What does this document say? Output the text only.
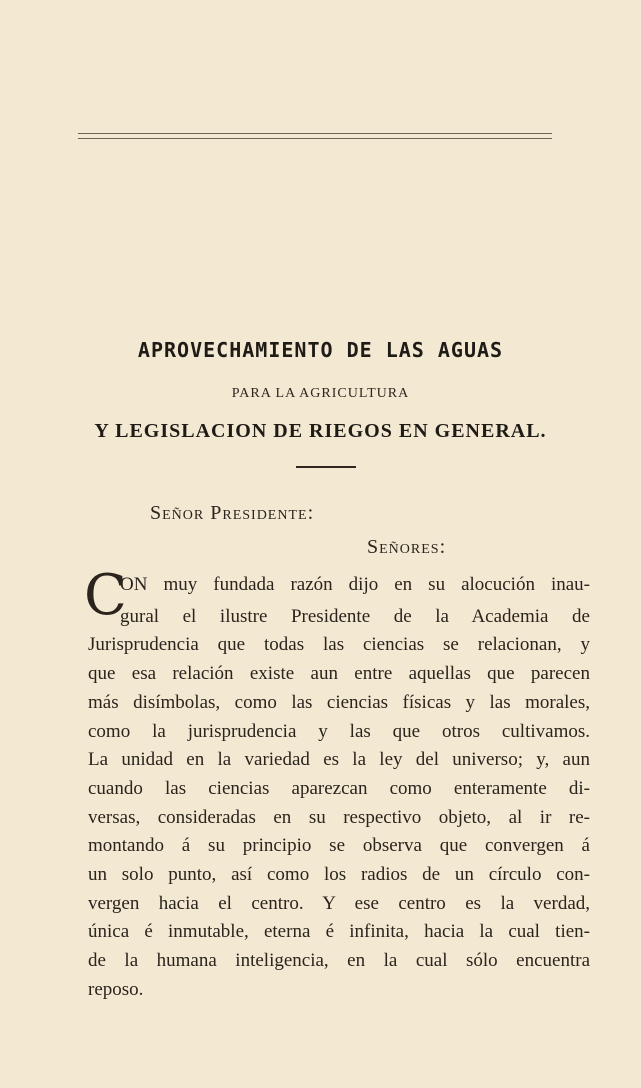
APROVECHAMIENTO DE LAS AGUAS
PARA LA AGRICULTURA
Y LEGISLACION DE RIEGOS EN GENERAL.
Señor Presidente:
Señores:
C
ON muy fundada razón dijo en su alocución inau-
gural el ilustre Presidente de la Academia de
Jurisprudencia que todas las ciencias se relacionan, y
que esa relación existe aun entre aquellas que parecen
más disímbolas, como las ciencias físicas y las morales,
como la jurisprudencia y las que otros cultivamos.
La unidad en la variedad es la ley del universo; y, aun
cuando las ciencias aparezcan como enteramente di-
versas, consideradas en su respectivo objeto, al ir re-
montando á su principio se observa que convergen á
un solo punto, así como los radios de un círculo con-
vergen hacia el centro. Y ese centro es la verdad,
única é inmutable, eterna é infinita, hacia la cual tien-
de la humana inteligencia, en la cual sólo encuentra
reposo.
